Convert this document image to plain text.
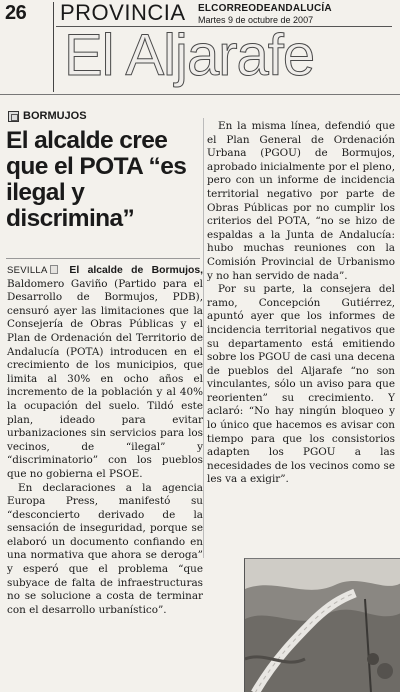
26 PROVINCIA ELCORREODEANDALUCÍA
Martes 9 de octubre de 2007
El Aljarafe
BORMUJOS
El alcalde cree que el POTA “es ilegal y discrimina”

SEVILLA El alcalde de Bormujos, Baldomero Gaviño (Partido para el Desarrollo de Bormujos, PDB), censuró ayer las limitaciones que la Consejería de Obras Públicas y el Plan de Ordenación del Territorio de Andalucía (POTA) introducen en el crecimiento de los municipios, que limita al 30% en ocho años el incremento de la población y al 40% la ocupación del suelo. Tildó este plan, ideado para evitar urbanizaciones sin servicios para los vecinos, de “ilegal” y “discriminatorio” con los pueblos que no gobierna el PSOE.

En declaraciones a la agencia Europa Press, manifestó su “desconcierto derivado de la sensación de inseguridad, porque se elaboró un documento confiando en una normativa que ahora se deroga” y esperó que el problema “que subyace de falta de infraestructuras no se solucione a costa de terminar con el desarrollo urbanístico”.

En la misma línea, defendió que el Plan General de Ordenación Urbana (PGOU) de Bormujos, aprobado inicialmente por el pleno, pero con un informe de incidencia territorial negativo por parte de Obras Públicas por no cumplir los criterios del POTA, “no se hizo de espaldas a la Junta de Andalucía: hubo muchas reuniones con la Comisión Provincial de Urbanismo y no han servido de nada”.

Por su parte, la consejera del ramo, Concepción Gutiérrez, apuntó ayer que los informes de incidencia territorial negativos que su departamento está emitiendo sobre los PGOU de casi una decena de pueblos del Aljarafe “no son vinculantes, sólo un aviso para que reorienten” su crecimiento. Y aclaró: “No hay ningún bloqueo y lo único que hacemos es avisar con tiempo para que los consistorios adapten los PGOU a las necesidades de los vecinos como se les va a exigir”.
